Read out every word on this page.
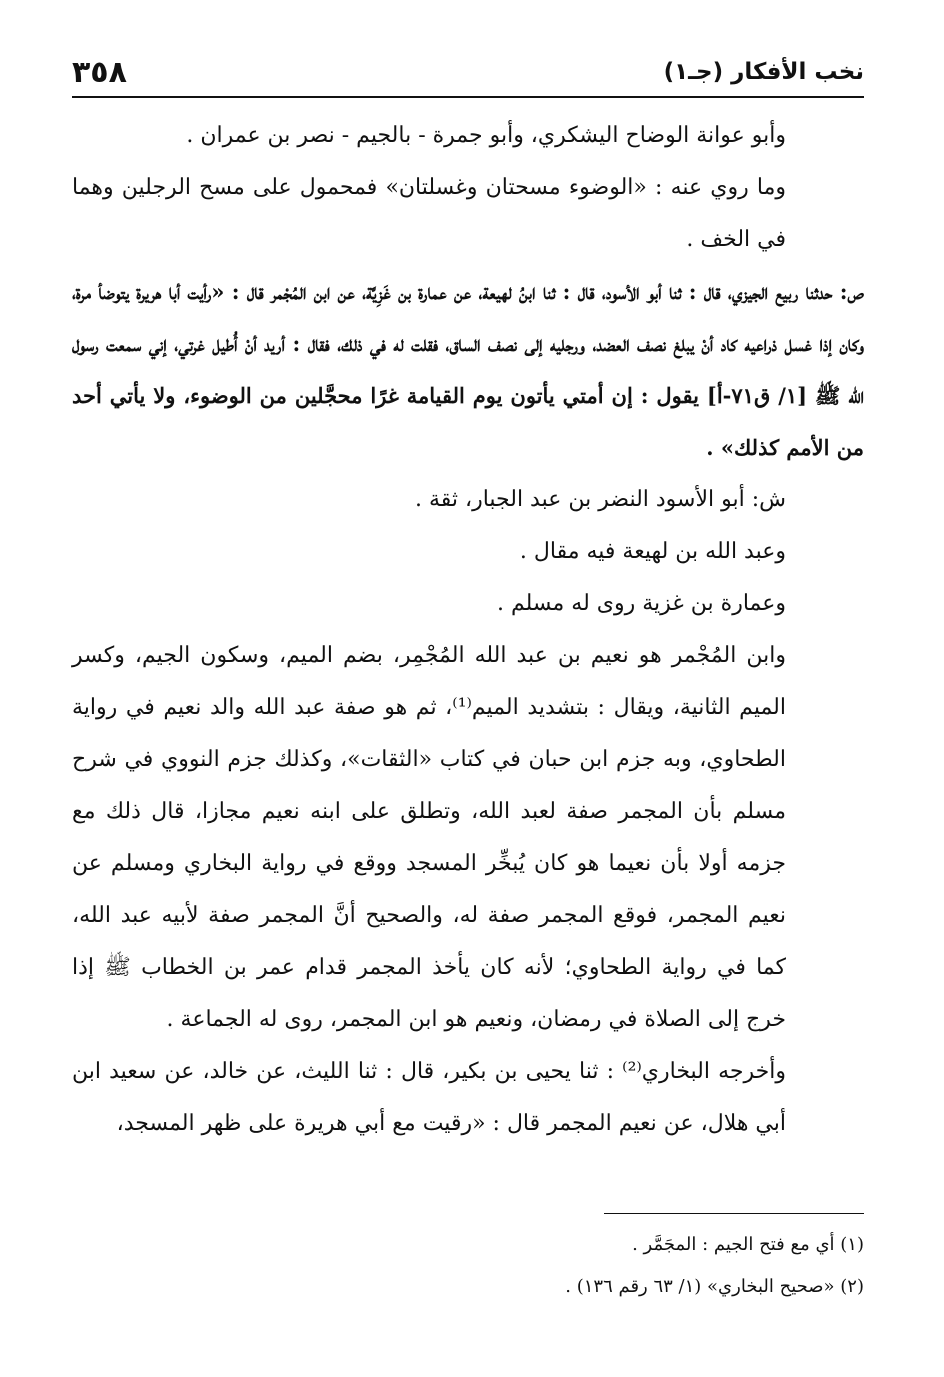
٣٥٨	نخب الأفكار (جـ١)

وأبو عوانة الوضاح اليشكري، وأبو جمرة - بالجيم - نصر بن عمران .

وما روي عنه : «الوضوء مسحتان وغسلتان» فمحمول على مسح الرجلين وهما في الخف .

ص: حدثنا ربيع الجيزي، قال : ثنا أبو الأسود، قال : ثنا ابنُ لهيعة، عن عمارة بن غَزِيَّة، عن ابن المُجْمر قال : «رأيت أبا هريرة يتوضأ مرة، وكان إذا غسل ذراعيه كاد أنْ يبلغ نصف العضد، ورجليه إلى نصف الساق، فقلت له في ذلك، فقال : أريد أنْ أُطيل غرتي، إني سمعت رسول الله ﷺ [١/ ق٧١-أ] يقول : إن أمتي يأتون يوم القيامة غرًا محجَّلين من الوضوء، ولا يأتي أحد من الأمم كذلك» .

ش: أبو الأسود النضر بن عبد الجبار، ثقة .

وعبد الله بن لهيعة فيه مقال .

وعمارة بن غزية روى له مسلم .

وابن المُجْمر هو نعيم بن عبد الله المُجْمِر، بضم الميم، وسكون الجيم، وكسر الميم الثانية، ويقال : بتشديد الميم⁽¹⁾، ثم هو صفة عبد الله والد نعيم في رواية الطحاوي، وبه جزم ابن حبان في كتاب «الثقات»، وكذلك جزم النووي في شرح مسلم بأن المجمر صفة لعبد الله، وتطلق على ابنه نعيم مجازا، قال ذلك مع جزمه أولا بأن نعيما هو كان يُبخِّر المسجد ووقع في رواية البخاري ومسلم عن نعيم المجمر، فوقع المجمر صفة له، والصحيح أنَّ المجمر صفة لأبيه عبد الله، كما في رواية الطحاوي؛ لأنه كان يأخذ المجمر قدام عمر بن الخطاب ﷺ إذا خرج إلى الصلاة في رمضان، ونعيم هو ابن المجمر، روى له الجماعة .

وأخرجه البخاري⁽²⁾ : ثنا يحيى بن بكير، قال : ثنا الليث، عن خالد، عن سعيد ابن أبي هلال، عن نعيم المجمر قال : «رقيت مع أبي هريرة على ظهر المسجد،

(١) أي مع فتح الجيم : المجَمَّر .

(٢) «صحيح البخاري» (١/ ٦٣ رقم ١٣٦) .
